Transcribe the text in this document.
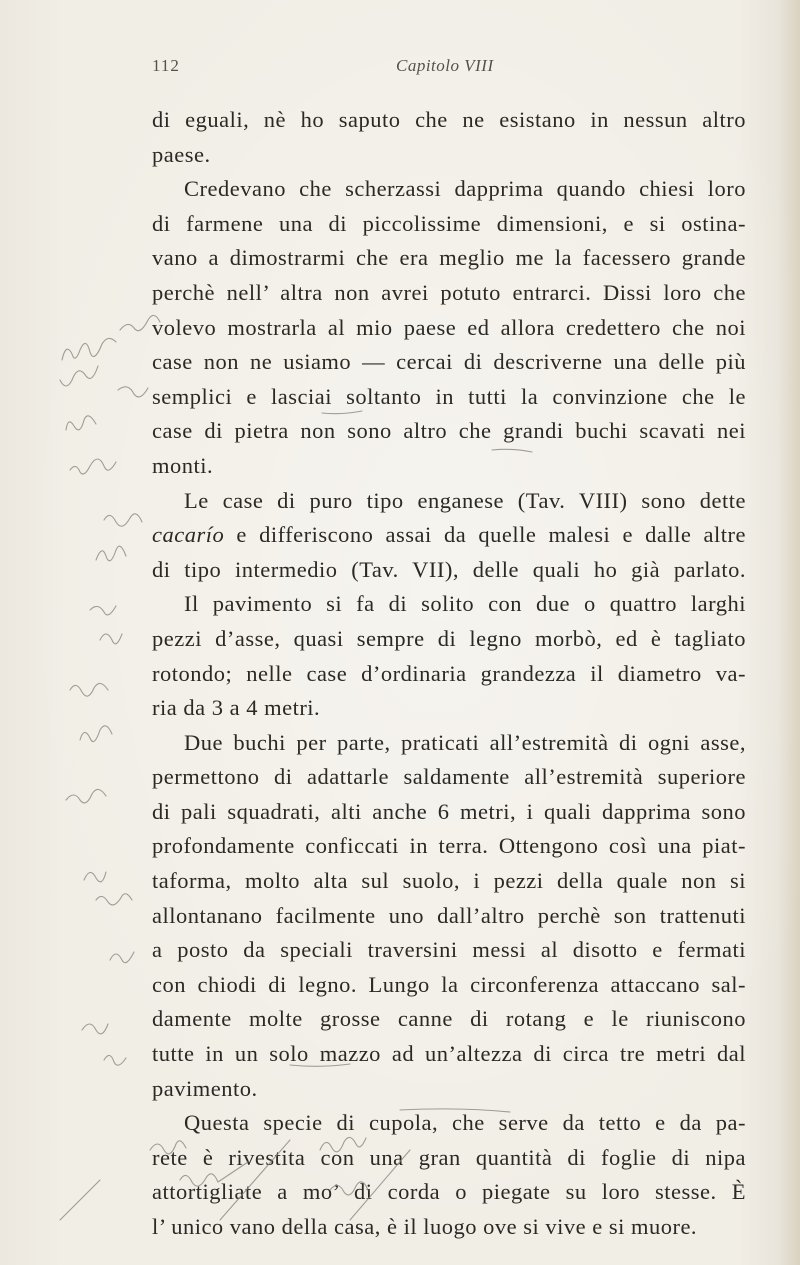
112	Capitolo VIII
di eguali, nè ho saputo che ne esistano in nessun altro
paese.
Credevano che scherzassi dapprima quando chiesi loro
di farmene una di piccolissime dimensioni, e si ostina-
vano a dimostrarmi che era meglio me la facessero grande
perchè nell’ altra non avrei potuto entrarci. Dissi loro che
volevo mostrarla al mio paese ed allora credettero che noi
case non ne usiamo — cercai di descriverne una delle più
semplici e lasciai soltanto in tutti la convinzione che le
case di pietra non sono altro che grandi buchi scavati nei
monti.
Le case di puro tipo enganese (Tav. VIII) sono dette
cacarío e differiscono assai da quelle malesi e dalle altre
di tipo intermedio (Tav. VII), delle quali ho già parlato.
Il pavimento si fa di solito con due o quattro larghi
pezzi d’asse, quasi sempre di legno morbò, ed è tagliato
rotondo; nelle case d’ordinaria grandezza il diametro va-
ria da 3 a 4 metri.
Due buchi per parte, praticati all’estremità di ogni asse,
permettono di adattarle saldamente all’estremità superiore
di pali squadrati, alti anche 6 metri, i quali dapprima sono
profondamente conficcati in terra. Ottengono così una piat-
taforma, molto alta sul suolo, i pezzi della quale non si
allontanano facilmente uno dall’altro perchè son trattenuti
a posto da speciali traversini messi al disotto e fermati
con chiodi di legno. Lungo la circonferenza attaccano sal-
damente molte grosse canne di rotang e le riuniscono
tutte in un solo mazzo ad un’altezza di circa tre metri dal
pavimento.
Questa specie di cupola, che serve da tetto e da pa-
rete è rivestita con una gran quantità di foglie di nipa
attortigliate a mo’ di corda o piegate su loro stesse. È
l’ unico vano della casa, è il luogo ove si vive e si muore.
